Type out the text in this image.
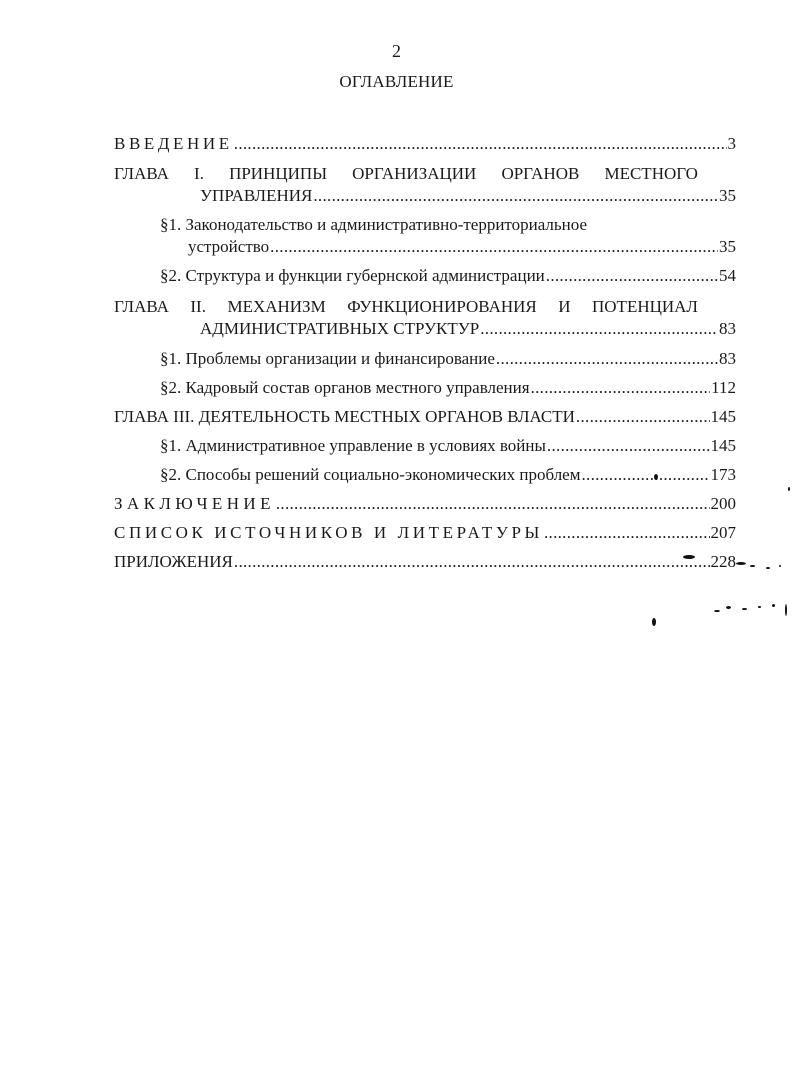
2
ОГЛАВЛЕНИЕ
ВВЕДЕНИЕ .....	3
ГЛАВА I. ПРИНЦИПЫ ОРГАНИЗАЦИИ ОРГАНОВ МЕСТНОГО
УПРАВЛЕНИЯ .....	35
§1. Законодательство и административно-территориальное
устройство .....	35
§2. Структура и функции губернской администрации .....	54
ГЛАВА II. МЕХАНИЗМ ФУНКЦИОНИРОВАНИЯ И ПОТЕНЦИАЛ
АДМИНИСТРАТИВНЫХ СТРУКТУР .....	83
§1. Проблемы организации и финансирование .....	83
§2. Кадровый состав органов местного управления .....	112
ГЛАВА III. ДЕЯТЕЛЬНОСТЬ МЕСТНЫХ ОРГАНОВ ВЛАСТИ .....	145
§1. Административное управление в условиях войны .....	145
§2. Способы решений социально-экономических проблем .....	173
ЗАКЛЮЧЕНИЕ .....	200
СПИСОК ИСТОЧНИКОВ И ЛИТЕРАТУРЫ .....	207
ПРИЛОЖЕНИЯ .....	228
